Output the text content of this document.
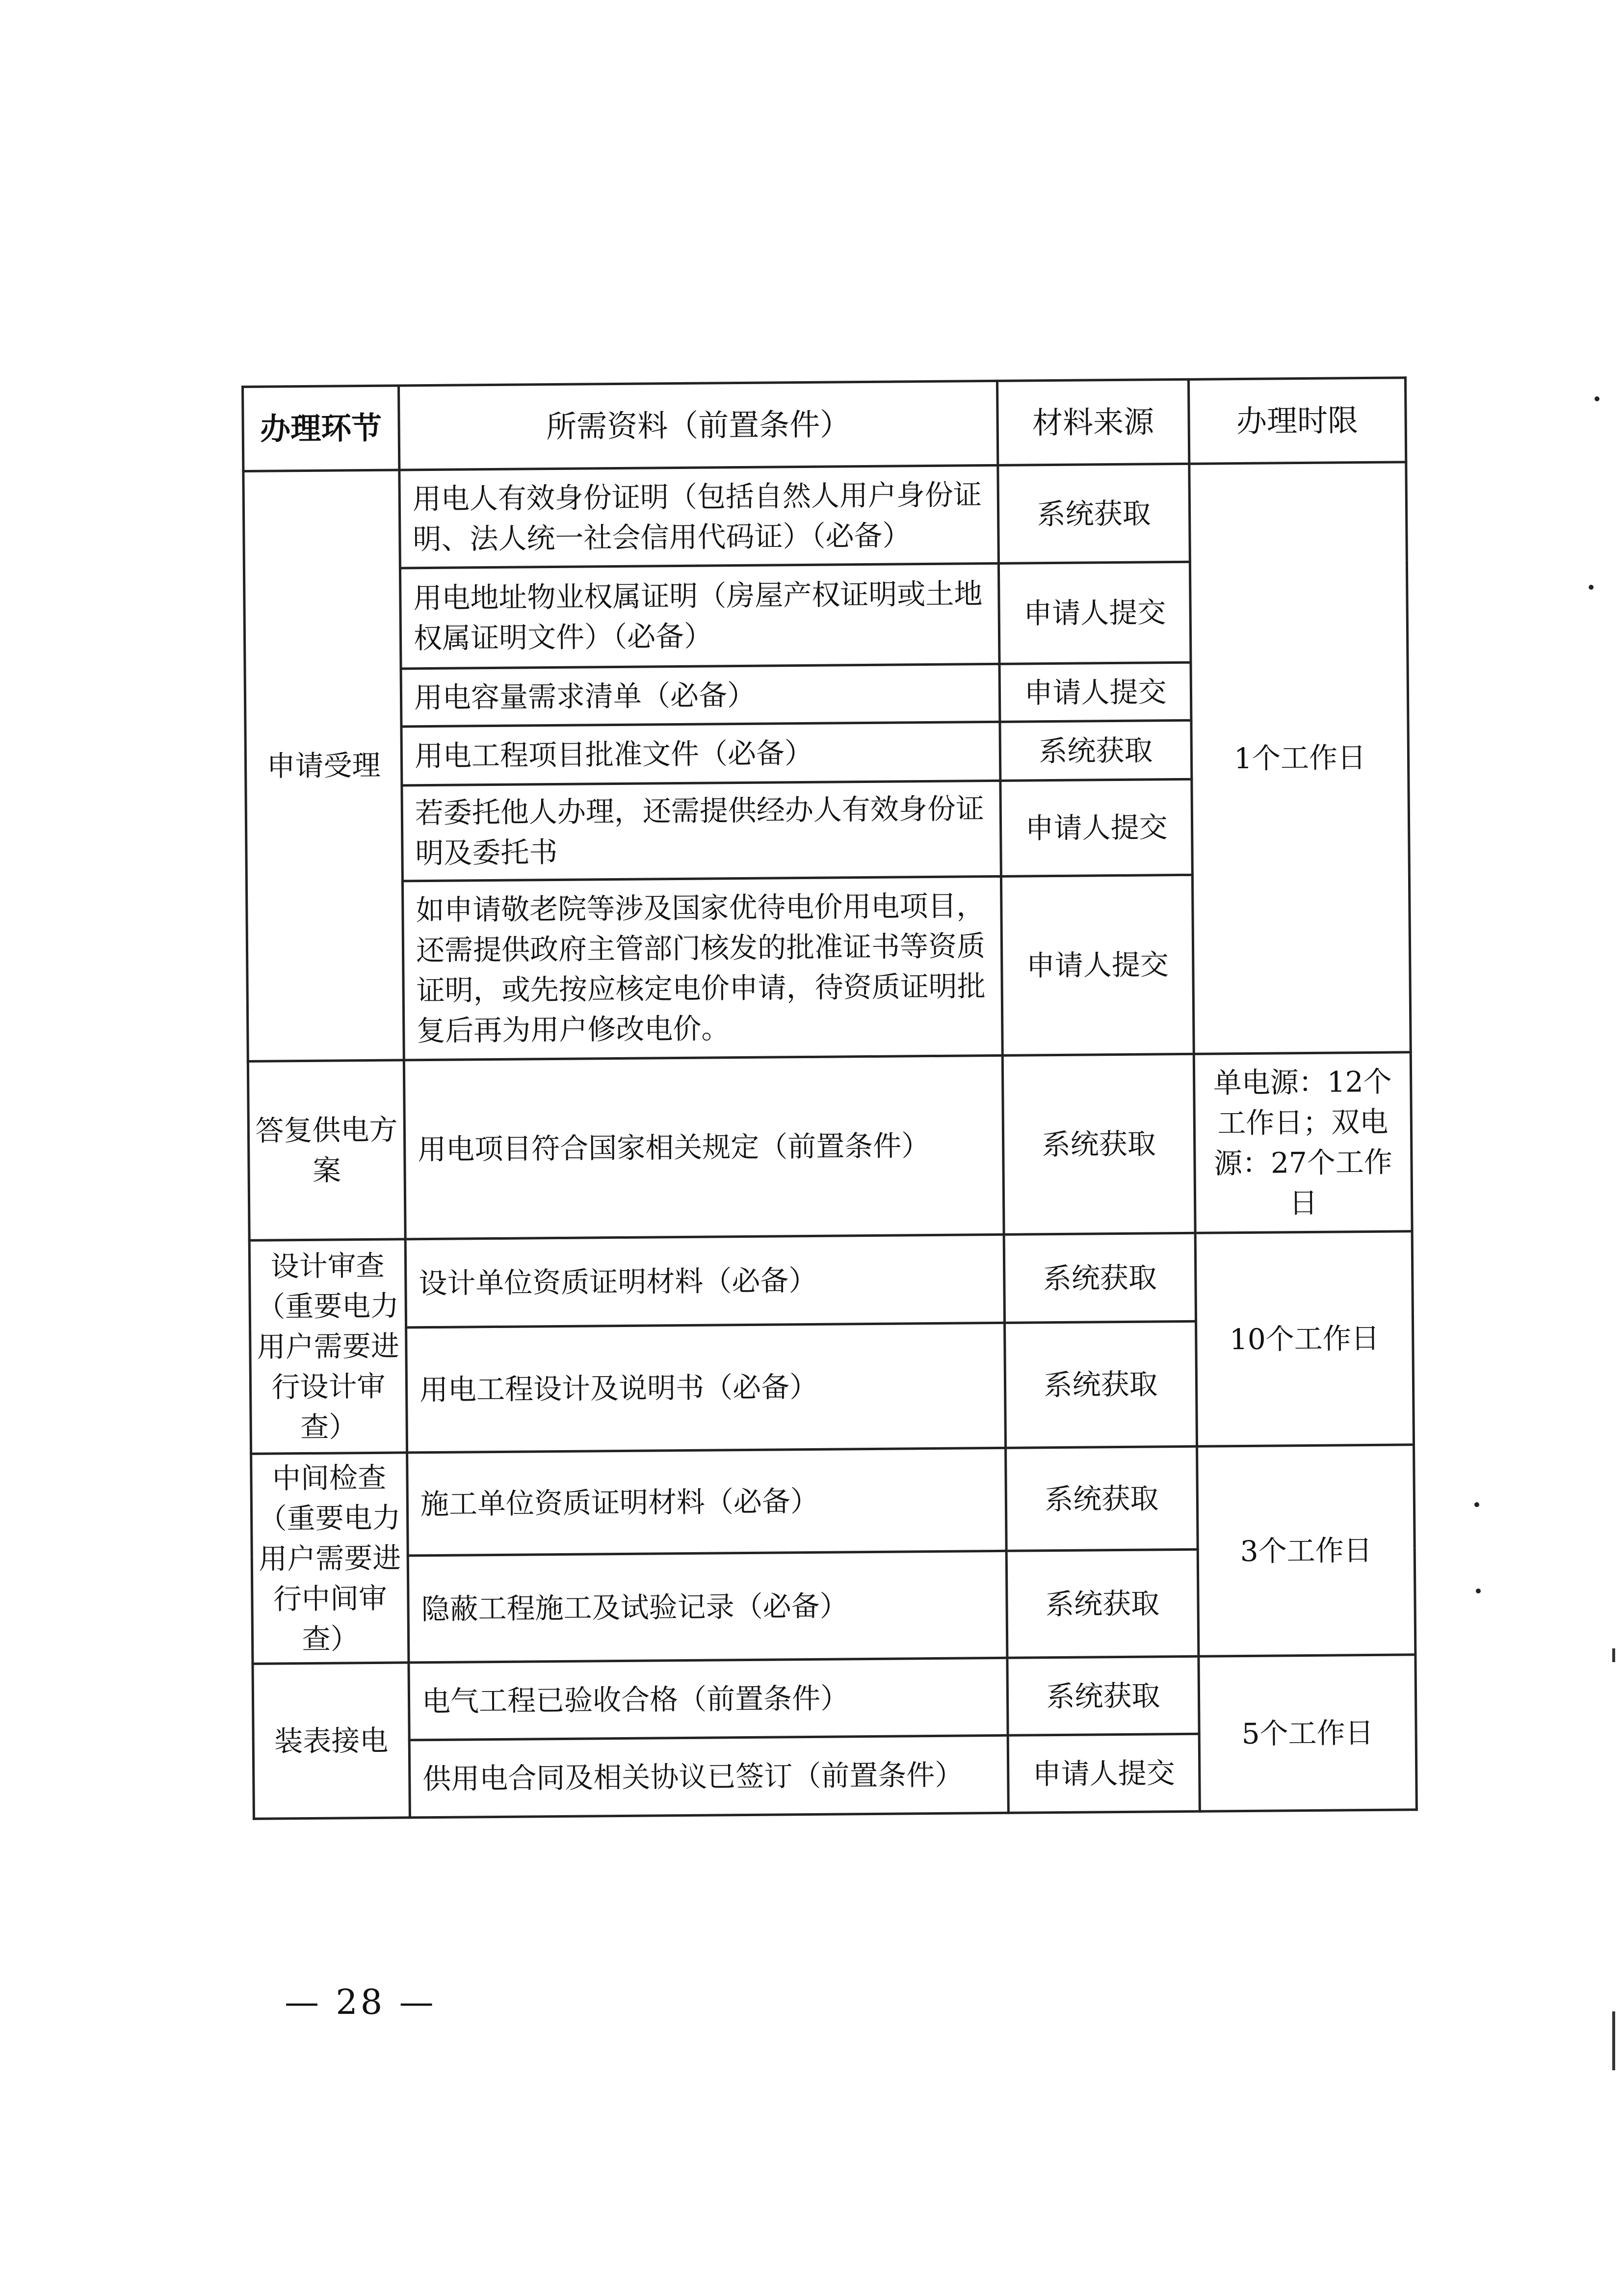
办理环节	所需资料（前置条件）	材料来源	办理时限
申请受理	用电人有效身份证明（包括自然人用户身份证明、法人统一社会信用代码证）（必备）	系统获取	1个工作日
	用电地址物业权属证明（房屋产权证明或土地权属证明文件）（必备）	申请人提交	
	用电容量需求清单（必备）	申请人提交	
	用电工程项目批准文件（必备）	系统获取	
	若委托他人办理，还需提供经办人有效身份证明及委托书	申请人提交	
	如申请敬老院等涉及国家优待电价用电项目，还需提供政府主管部门核发的批准证书等资质证明，或先按应核定电价申请，待资质证明批复后再为用户修改电价。	申请人提交	
答复供电方案	用电项目符合国家相关规定（前置条件）	系统获取	单电源：12个工作日；双电源：27个工作日
设计审查（重要电力用户需要进行设计审查）	设计单位资质证明材料（必备）	系统获取	10个工作日
	用电工程设计及说明书（必备）	系统获取	
中间检查（重要电力用户需要进行中间审查）	施工单位资质证明材料（必备）	系统获取	3个工作日
	隐蔽工程施工及试验记录（必备）	系统获取	
装表接电	电气工程已验收合格（前置条件）	系统获取	5个工作日
	供用电合同及相关协议已签订（前置条件）	申请人提交	
— 28 —
